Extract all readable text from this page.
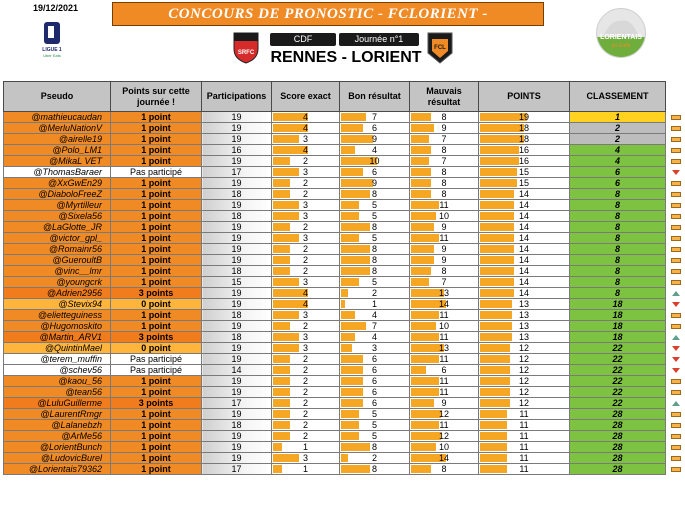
19/12/2021
LIGUE 1
Uber Eats
CONCOURS DE PRONOSTIC - FCLORIENT -
LORIENTAIS
du Golfe
SRFC
CDF	Journée n°1
FCL
RENNES - LORIENT
Pseudo	Points sur cette journée !	Participations	Score exact	Bon résultat	Mauvais résultat	POINTS	CLASSEMENT
@mathieucaudan	1 point	19	4	7	8	19	1
@MerluNationV	1 point	19	4	6	9	18	2
@airelle19	1 point	19	3	9	7	18	2
@Polo_LM1	1 point	16	4	4	8	16	4
@MikaL VET	1 point	19	2	10	7	16	4
@ThomasBaraer	Pas participé	17	3	6	8	15	6
@XxGwEn29	1 point	19	2	9	8	15	6
@DiaboloFreeZ	1 point	18	2	8	8	14	8
@Myrtilleur	1 point	19	3	5	11	14	8
@Sixela56	1 point	18	3	5	10	14	8
@LaGlotte_JR	1 point	19	2	8	9	14	8
@victor_gpl_	1 point	19	3	5	11	14	8
@Romainr56	1 point	19	2	8	9	14	8
@GueroultB	1 point	19	2	8	9	14	8
@vinc__lmr	1 point	18	2	8	8	14	8
@youngcrk	1 point	15	3	5	7	14	8
@Adrien2956	3 points	19	4	2	13	14	8
@Stevix94	0 point	19	4	1	14	13	18
@elietteguiness	1 point	18	3	4	11	13	18
@Hugomoskito	1 point	19	2	7	10	13	18
@Martin_ARV1	3 points	18	3	4	11	13	18
@QuintinMael	0 point	19	3	3	13	12	22
@terem_muffin	Pas participé	19	2	6	11	12	22
@schev56	Pas participé	14	2	6	6	12	22
@kaou_56	1 point	19	2	6	11	12	22
@tean56	1 point	19	2	6	11	12	22
@LuluGuillerme	3 points	17	2	6	9	12	22
@LaurentRmgr	1 point	19	2	5	12	11	28
@Lalanebzh	1 point	18	2	5	11	11	28
@ArMe56	1 point	19	2	5	12	11	28
@LorientBunch	1 point	19	1	8	10	11	28
@LudovicBurel	1 point	19	3	2	14	11	28
@Lorientais79362	1 point	17	1	8	8	11	28
